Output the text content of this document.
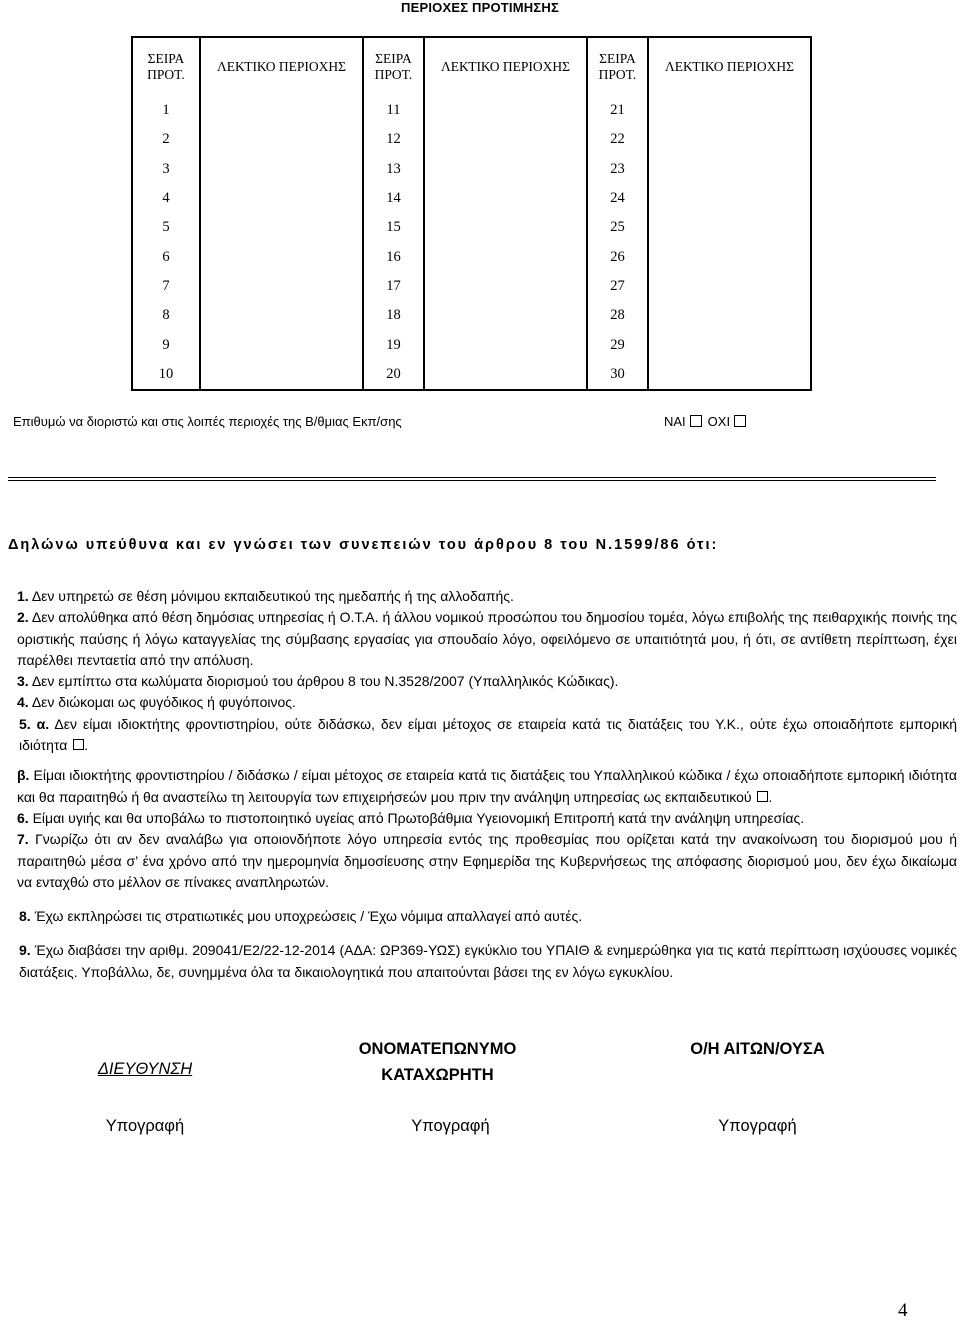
ΠΕΡΙΟΧΕΣ ΠΡΟΤΙΜΗΣΗΣ
ΣΕΙΡΑ ΠΡΟΤ.	ΛΕΚΤΙΚΟ ΠΕΡΙΟΧΗΣ	ΣΕΙΡΑ ΠΡΟΤ.	ΛΕΚΤΙΚΟ ΠΕΡΙΟΧΗΣ	ΣΕΙΡΑ ΠΡΟΤ.	ΛΕΚΤΙΚΟ ΠΕΡΙΟΧΗΣ
1		11		21	
2		12		22	
3		13		23	
4		14		24	
5		15		25	
6		16		26	
7		17		27	
8		18		28	
9		19		29	
10		20		30	
Επιθυμώ να διοριστώ και στις λοιπές περιοχές της Β/θμιας Εκπ/σης	ΝΑΙ ΟΧΙ
Δηλώνω υπεύθυνα και εν γνώσει των συνεπειών του άρθρου 8 του Ν.1599/86 ότι:

1. Δεν υπηρετώ σε θέση μόνιμου εκπαιδευτικού της ημεδαπής ή της αλλοδαπής.

2. Δεν απολύθηκα από θέση δημόσιας υπηρεσίας ή Ο.Τ.Α. ή άλλου νομικού προσώπου του δημοσίου τομέα, λόγω επιβολής της πειθαρχικής ποινής της οριστικής παύσης ή λόγω καταγγελίας της σύμβασης εργασίας για σπουδαίο λόγο, οφειλόμενο σε υπαιτιότητά μου, ή ότι, σε αντίθετη περίπτωση, έχει παρέλθει πενταετία από την απόλυση.

3. Δεν εμπίπτω στα κωλύματα διορισμού του άρθρου 8 του Ν.3528/2007 (Υπαλληλικός Κώδικας).

4. Δεν διώκομαι ως φυγόδικος ή φυγόποινος.

5. α. Δεν είμαι ιδιοκτήτης φροντιστηρίου, ούτε διδάσκω, δεν είμαι μέτοχος σε εταιρεία κατά τις διατάξεις του Υ.Κ., ούτε έχω οποιαδήποτε εμπορική ιδιότητα .

β. Είμαι ιδιοκτήτης φροντιστηρίου / διδάσκω / είμαι μέτοχος σε εταιρεία κατά τις διατάξεις του Υπαλληλικού κώδικα / έχω οποιαδήποτε εμπορική ιδιότητα και θα παραιτηθώ ή θα αναστείλω τη λειτουργία των επιχειρήσεών μου πριν την ανάληψη υπηρεσίας ως εκπαιδευτικού .

6. Είμαι υγιής και θα υποβάλω το πιστοποιητικό υγείας από Πρωτοβάθμια Υγειονομική Επιτροπή κατά την ανάληψη υπηρεσίας.

7. Γνωρίζω ότι αν δεν αναλάβω για οποιονδήποτε λόγο υπηρεσία εντός της προθεσμίας που ορίζεται κατά την ανακοίνωση του διορισμού μου ή παραιτηθώ μέσα σ’ ένα χρόνο από την ημερομηνία δημοσίευσης στην Εφημερίδα της Κυβερνήσεως της απόφασης διορισμού μου, δεν έχω δικαίωμα να ενταχθώ στο μέλλον σε πίνακες αναπληρωτών.

8. Έχω εκπληρώσει τις στρατιωτικές μου υποχρεώσεις / Έχω νόμιμα απαλλαγεί από αυτές.

9. Έχω διαβάσει την αριθμ. 209041/Ε2/22-12-2014 (ΑΔΑ: ΩΡ369-ΥΩΣ) εγκύκλιο του ΥΠΑΙΘ & ενημερώθηκα για τις κατά περίπτωση ισχύουσες νομικές διατάξεις. Υποβάλλω, δε, συνημμένα όλα τα δικαιολογητικά που απαιτούνται βάσει της εν λόγω εγκυκλίου.

ΔΙΕΥΘΥΝΣΗ
ΟΝΟΜΑΤΕΠΩΝΥΜΟ
ΚΑΤΑΧΩΡΗΤΗ
Ο/Η ΑΙΤΩΝ/ΟΥΣΑ
Υπογραφή	Υπογραφή	Υπογραφή
4
